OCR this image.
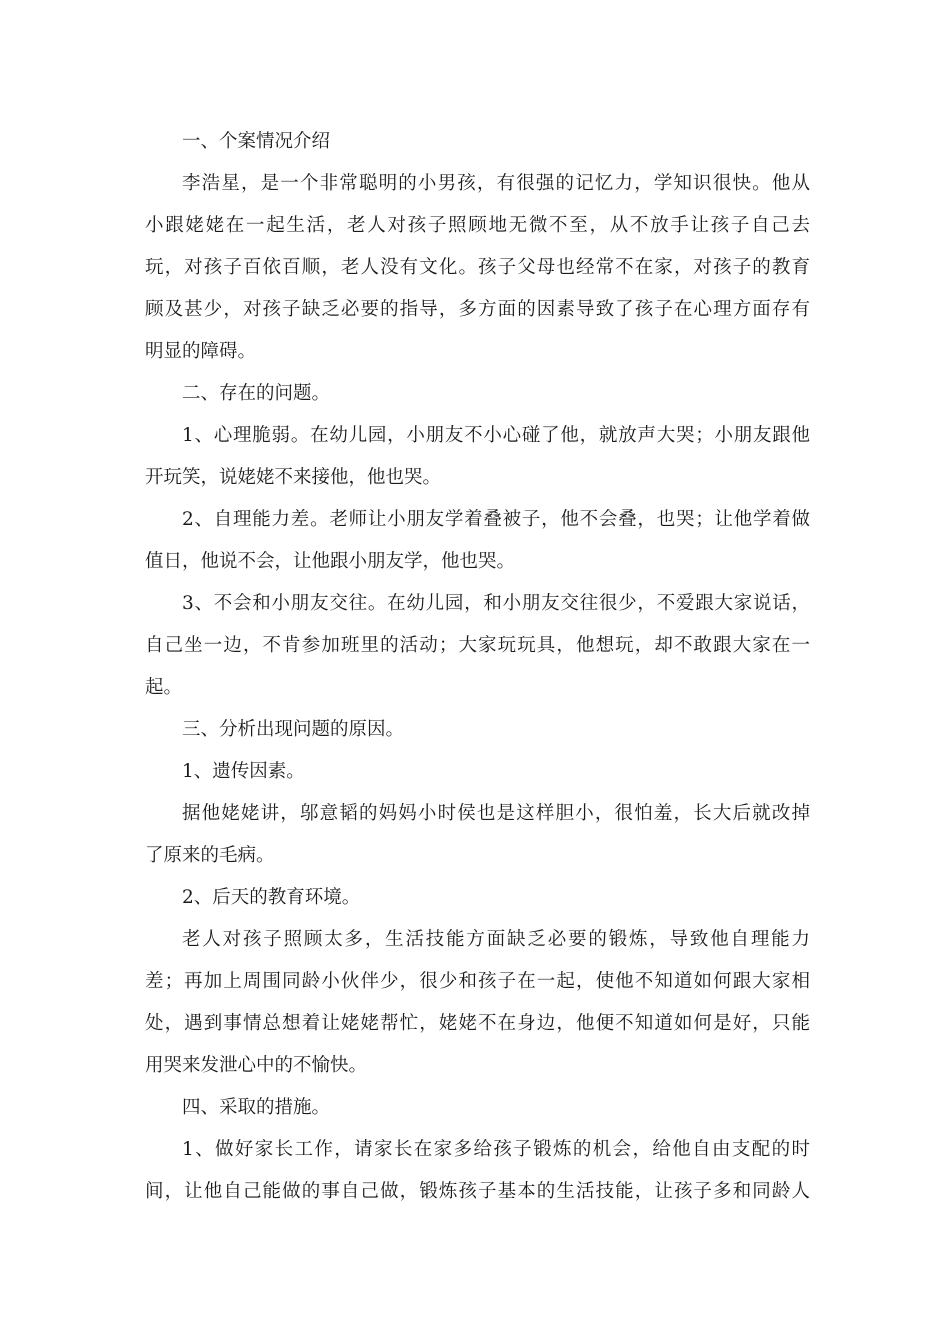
一、个案情况介绍
李浩星，是一个非常聪明的小男孩，有很强的记忆力，学知识很快。他从
小跟姥姥在一起生活，老人对孩子照顾地无微不至，从不放手让孩子自己去
玩，对孩子百依百顺，老人没有文化。孩子父母也经常不在家，对孩子的教育
顾及甚少，对孩子缺乏必要的指导，多方面的因素导致了孩子在心理方面存有
明显的障碍。
二、存在的问题。
1、心理脆弱。在幼儿园，小朋友不小心碰了他，就放声大哭；小朋友跟他
开玩笑，说姥姥不来接他，他也哭。
2、自理能力差。老师让小朋友学着叠被子，他不会叠，也哭；让他学着做
值日，他说不会，让他跟小朋友学，他也哭。
3、不会和小朋友交往。在幼儿园，和小朋友交往很少，不爱跟大家说话，
自己坐一边，不肯参加班里的活动；大家玩玩具，他想玩，却不敢跟大家在一
起。
三、分析出现问题的原因。
1、遗传因素。
据他姥姥讲，邬意韬的妈妈小时侯也是这样胆小，很怕羞，长大后就改掉
了原来的毛病。
2、后天的教育环境。
老人对孩子照顾太多，生活技能方面缺乏必要的锻炼，导致他自理能力
差；再加上周围同龄小伙伴少，很少和孩子在一起，使他不知道如何跟大家相
处，遇到事情总想着让姥姥帮忙，姥姥不在身边，他便不知道如何是好，只能
用哭来发泄心中的不愉快。
四、采取的措施。
1、做好家长工作，请家长在家多给孩子锻炼的机会，给他自由支配的时
间，让他自己能做的事自己做，锻炼孩子基本的生活技能，让孩子多和同龄人
